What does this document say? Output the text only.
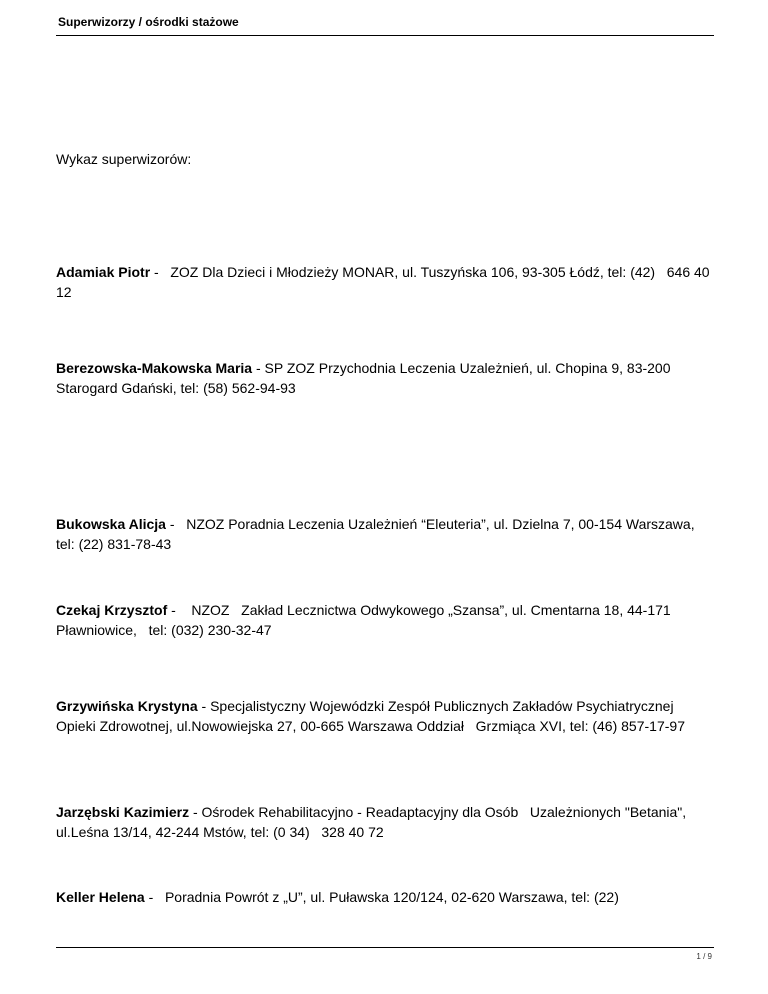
Superwizorzy / ośrodki stażowe
Wykaz superwizorów:
Adamiak Piotr -   ZOZ Dla Dzieci i Młodzieży MONAR, ul. Tuszyńska 106, 93-305 Łódź, tel: (42)   646 40 12
Berezowska-Makowska Maria - SP ZOZ Przychodnia Leczenia Uzależnień, ul. Chopina 9, 83-200 Starogard Gdański, tel: (58) 562-94-93
Bukowska Alicja -   NZOZ Poradnia Leczenia Uzależnień “Eleuteria”, ul. Dzielna 7, 00-154 Warszawa, tel: (22) 831-78-43
Czekaj Krzysztof -    NZOZ   Zakład Lecznictwa Odwykowego „Szansa”, ul. Cmentarna 18, 44-171 Pławniowice,   tel: (032) 230-32-47
Grzywińska Krystyna - Specjalistyczny Wojewódzki Zespół Publicznych Zakładów Psychiatrycznej Opieki Zdrowotnej, ul.Nowowiejska 27, 00-665 Warszawa Oddział   Grzmiąca XVI, tel: (46) 857-17-97
Jarzębski Kazimierz - Ośrodek Rehabilitacyjno - Readaptacyjny dla Osób   Uzależnionych "Betania", ul.Leśna 13/14, 42-244 Mstów, tel: (0 34)   328 40 72
Keller Helena -   Poradnia Powrót z „U”, ul. Puławska 120/124, 02-620 Warszawa, tel: (22)
1 / 9
